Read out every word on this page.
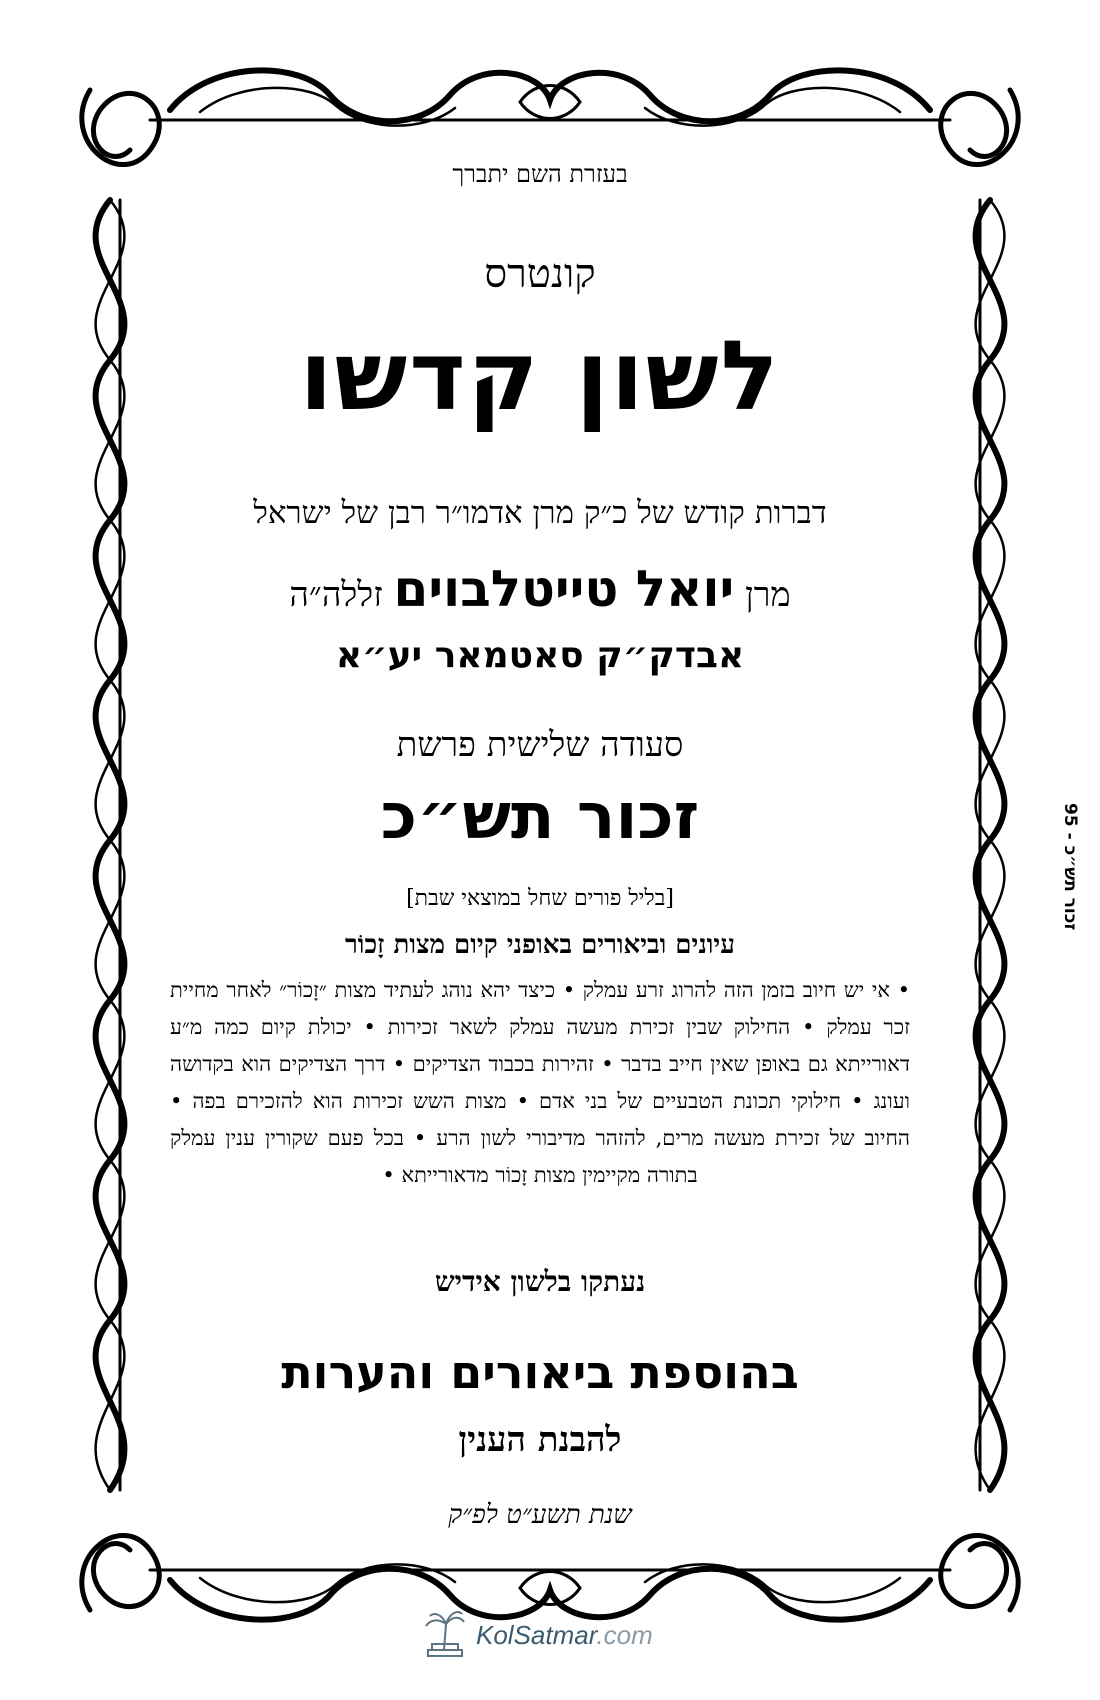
בעזרת השם יתברך
קונטרס
לשון קדשו
דברות קודש של כ״ק מרן אדמו״ר רבן של ישראל
מרן יואל טייטלבוים זללה״ה
אבדק״ק סאטמאר יע״א
סעודה שלישית פרשת
זכור תש״כ
[בליל פורים שחל במוצאי שבת]
עיונים וביאורים באופני קיום מצות זָכוֹר
• אי יש חיוב בזמן הזה להרוג זרע עמלק • כיצד יהא נוהג לעתיד מצות ״זָכוֹר״ לאחר מחיית זכר עמלק • החילוק שבין זכירת מעשה עמלק לשאר זכירות • יכולת קיום כמה מ״ע דאורייתא גם באופן שאין חייב בדבר • זהירות בכבוד הצדיקים • דרך הצדיקים הוא בקדושה ועונג • חילוקי תכונת הטבעיים של בני אדם • מצות השש זכירות הוא להזכירם בפה • החיוב של זכירת מעשה מרים, להזהר מדיבורי לשון הרע • בכל פעם שקורין ענין עמלק בתורה מקיימין מצות זָכוֹר מדאורייתא •
נעתקו בלשון אידיש
בהוספת ביאורים והערות
להבנת הענין
שנת תשע״ט לפ״ק
זכור תש״כ - 95
KolSatmar.com
